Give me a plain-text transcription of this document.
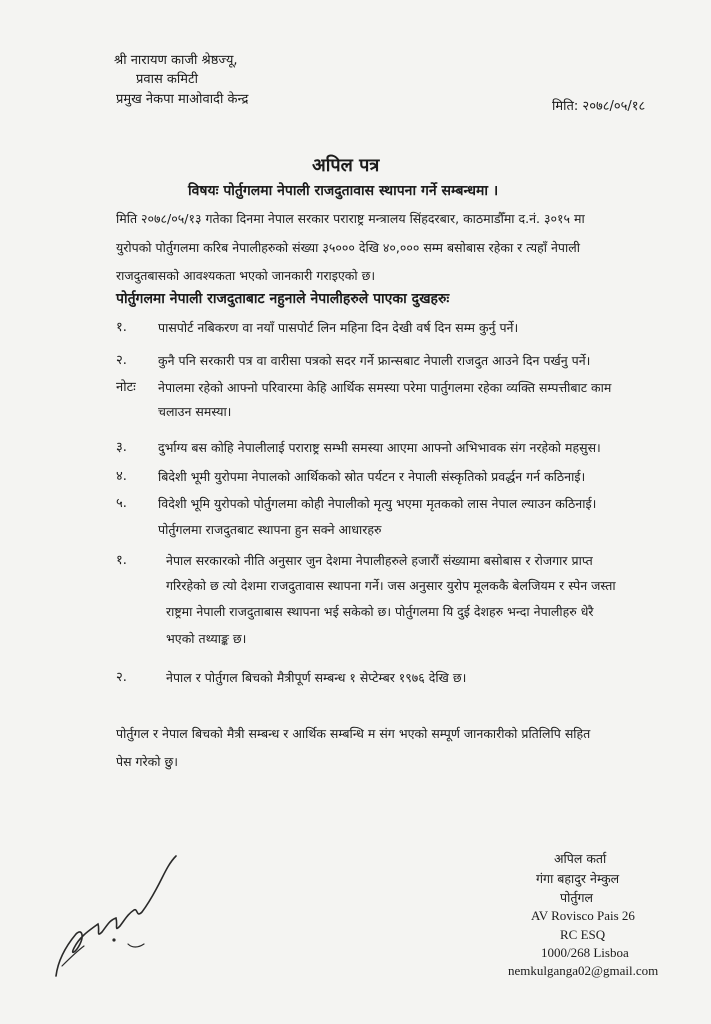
श्री नारायण काजी श्रेष्ठज्यू,
प्रवास कमिटी
प्रमुख नेकपा माओवादी केन्द्र	मिति: २०७८/०५/१८
अपिल पत्र
विषयः पोर्तुगलमा नेपाली राजदुतावास स्थापना गर्ने सम्बन्धमा ।
मिति २०७८/०५/१३ गतेका दिनमा नेपाल सरकार पराराष्ट्र मन्त्रालय सिंहदरबार, काठमाडौँमा द.नं. ३०१५ मा
युरोपको पोर्तुगलमा करिब नेपालीहरुको संख्या ३५००० देखि ४०,००० सम्म बसोबास रहेका र त्यहाँ नेपाली
राजदुतबासको आवश्यकता भएको जानकारी गराइएको छ।
पोर्तुगलमा नेपाली राजदुताबाट नहुनाले नेपालीहरुले पाएका दुखहरुः
१. पासपोर्ट नबिकरण वा नयाँ पासपोर्ट लिन महिना दिन देखी वर्ष दिन सम्म कुर्नु पर्ने।
२. कुनै पनि सरकारी पत्र वा वारीसा पत्रको सदर गर्ने फ्रान्सबाट नेपाली राजदुत आउने दिन पर्खनु पर्ने।
नोटः नेपालमा रहेको आफ्नो परिवारमा केहि आर्थिक समस्या परेमा पार्तुगलमा रहेका व्यक्ति सम्पत्तीबाट काम
चलाउन समस्या।
३. दुर्भाग्य बस कोहि नेपालीलाई पराराष्ट्र सम्भी समस्या आएमा आफ्नो अभिभावक संग नरहेको महसुस।
४. बिदेशी भूमी युरोपमा नेपालको आर्थिकको स्रोत पर्यटन र नेपाली संस्कृतिको प्रवर्द्धन गर्न कठिनाई।
५. विदेशी भूमि युरोपको पोर्तुगलमा कोही नेपालीको मृत्यु भएमा मृतकको लास नेपाल ल्याउन कठिनाई।
पोर्तुगलमा राजदुतबाट स्थापना हुन सक्ने आधारहरु
१.	नेपाल सरकारको नीति अनुसार जुन देशमा नेपालीहरुले हजारौं संख्यामा बसोबास र रोजगार प्राप्त
गरिरहेको छ त्यो देशमा राजदुतावास स्थापना गर्ने। जस अनुसार युरोप मूलककै बेलजियम र स्पेन जस्ता
राष्ट्रमा नेपाली राजदुताबास स्थापना भई सकेको छ। पोर्तुगलमा यि दुई देशहरु भन्दा नेपालीहरु धेरै
भएको तथ्याङ्क छ।
२.	नेपाल र पोर्तुगल बिचको मैत्रीपूर्ण सम्बन्ध १ सेप्टेम्बर १९७६ देखि छ।
पोर्तुगल र नेपाल बिचको मैत्री सम्बन्ध र आर्थिक सम्बन्धि म संग भएको सम्पूर्ण जानकारीको प्रतिलिपि सहित
पेस गरेको छु।
अपिल कर्ता
गंगा बहादुर नेम्कुल
पोर्तुगल
AV Rovisco Pais 26
RC ESQ
1000/268 Lisboa
nemkulganga02@gmail.com
